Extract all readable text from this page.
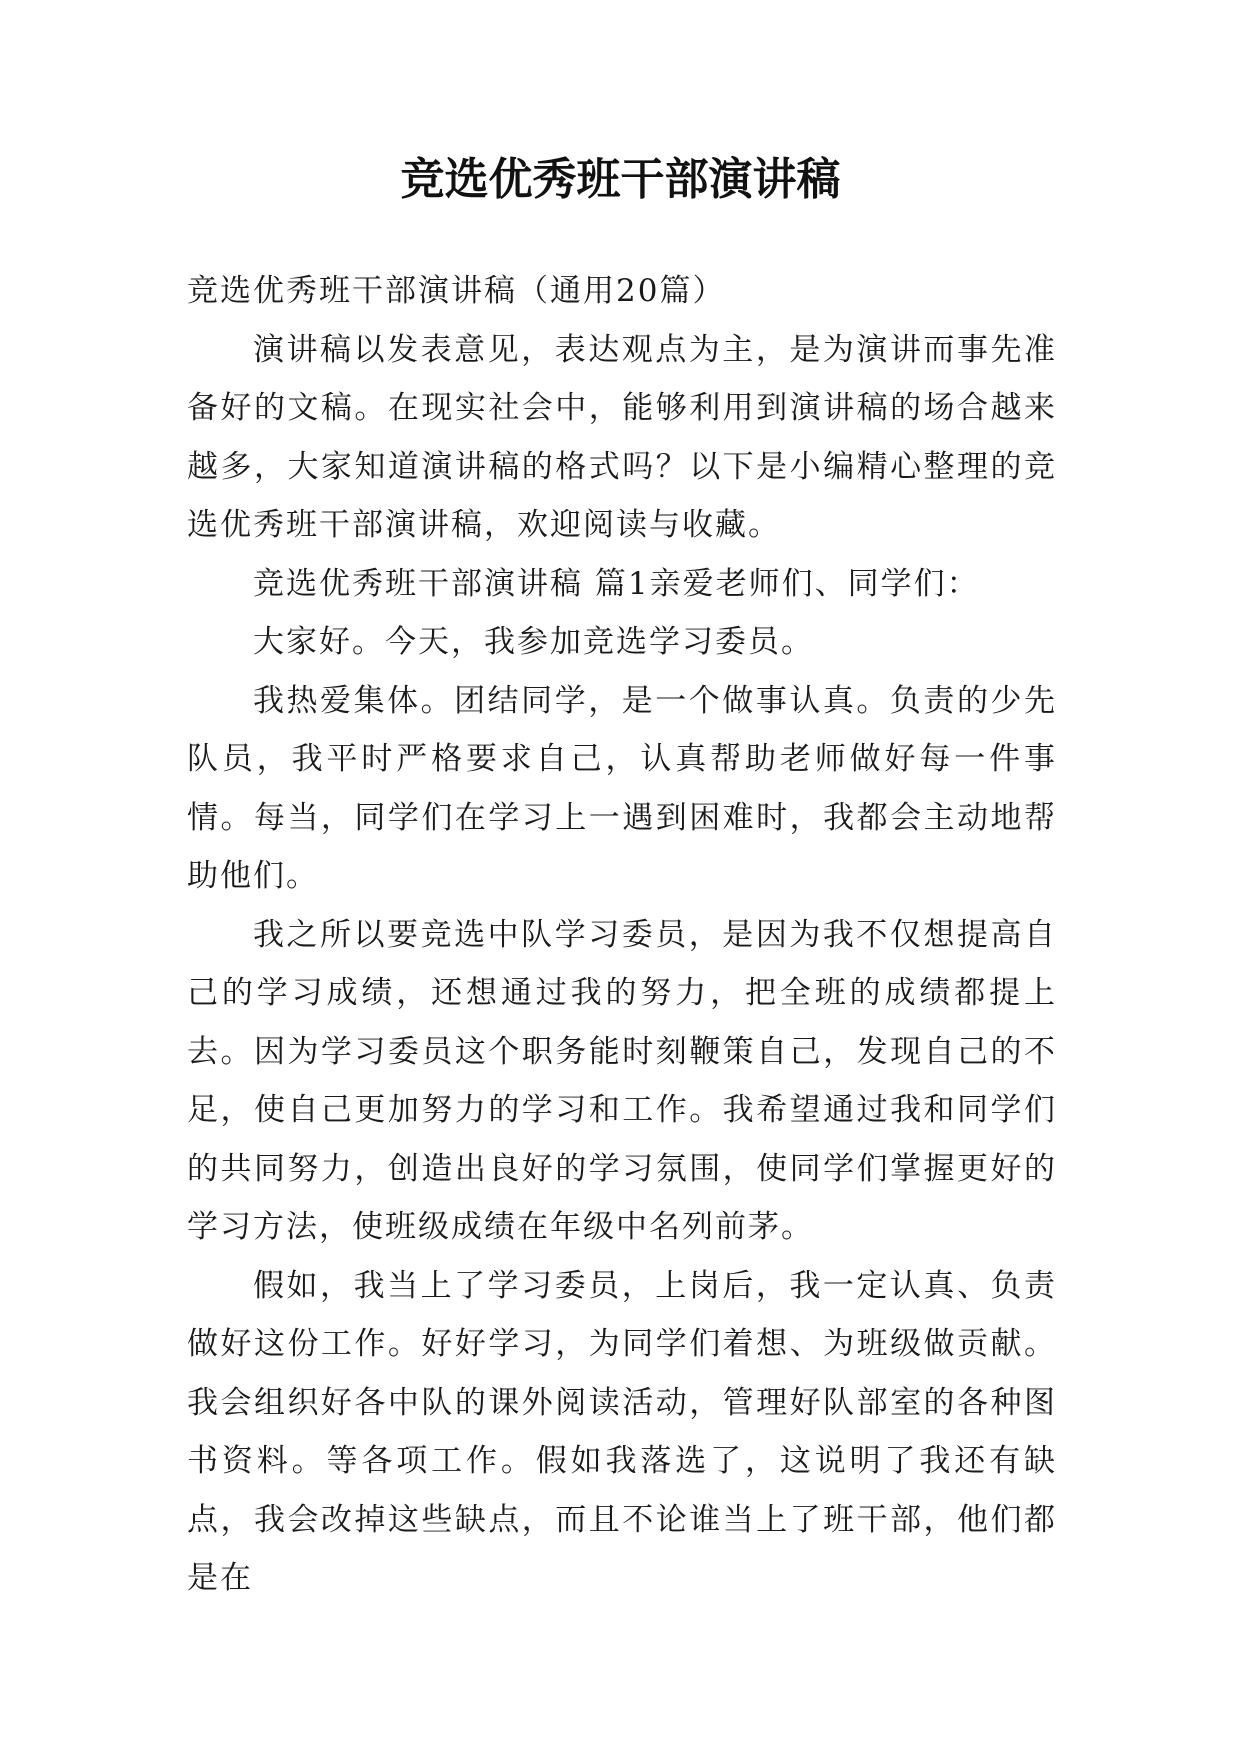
竞选优秀班干部演讲稿

竞选优秀班干部演讲稿（通用20篇）

演讲稿以发表意见，表达观点为主，是为演讲而事先准备好的文稿。在现实社会中，能够利用到演讲稿的场合越来越多，大家知道演讲稿的格式吗？以下是小编精心整理的竞选优秀班干部演讲稿，欢迎阅读与收藏。

竞选优秀班干部演讲稿 篇1亲爱老师们、同学们：

大家好。今天，我参加竞选学习委员。

我热爱集体。团结同学，是一个做事认真。负责的少先队员，我平时严格要求自己，认真帮助老师做好每一件事情。每当，同学们在学习上一遇到困难时，我都会主动地帮助他们。

我之所以要竞选中队学习委员，是因为我不仅想提高自己的学习成绩，还想通过我的努力，把全班的成绩都提上去。因为学习委员这个职务能时刻鞭策自己，发现自己的不足，使自己更加努力的学习和工作。我希望通过我和同学们的共同努力，创造出良好的学习氛围，使同学们掌握更好的学习方法，使班级成绩在年级中名列前茅。

假如，我当上了学习委员，上岗后，我一定认真、负责做好这份工作。好好学习，为同学们着想、为班级做贡献。我会组织好各中队的课外阅读活动，管理好队部室的各种图书资料。等各项工作。假如我落选了，这说明了我还有缺点，我会改掉这些缺点，而且不论谁当上了班干部，他们都是在
